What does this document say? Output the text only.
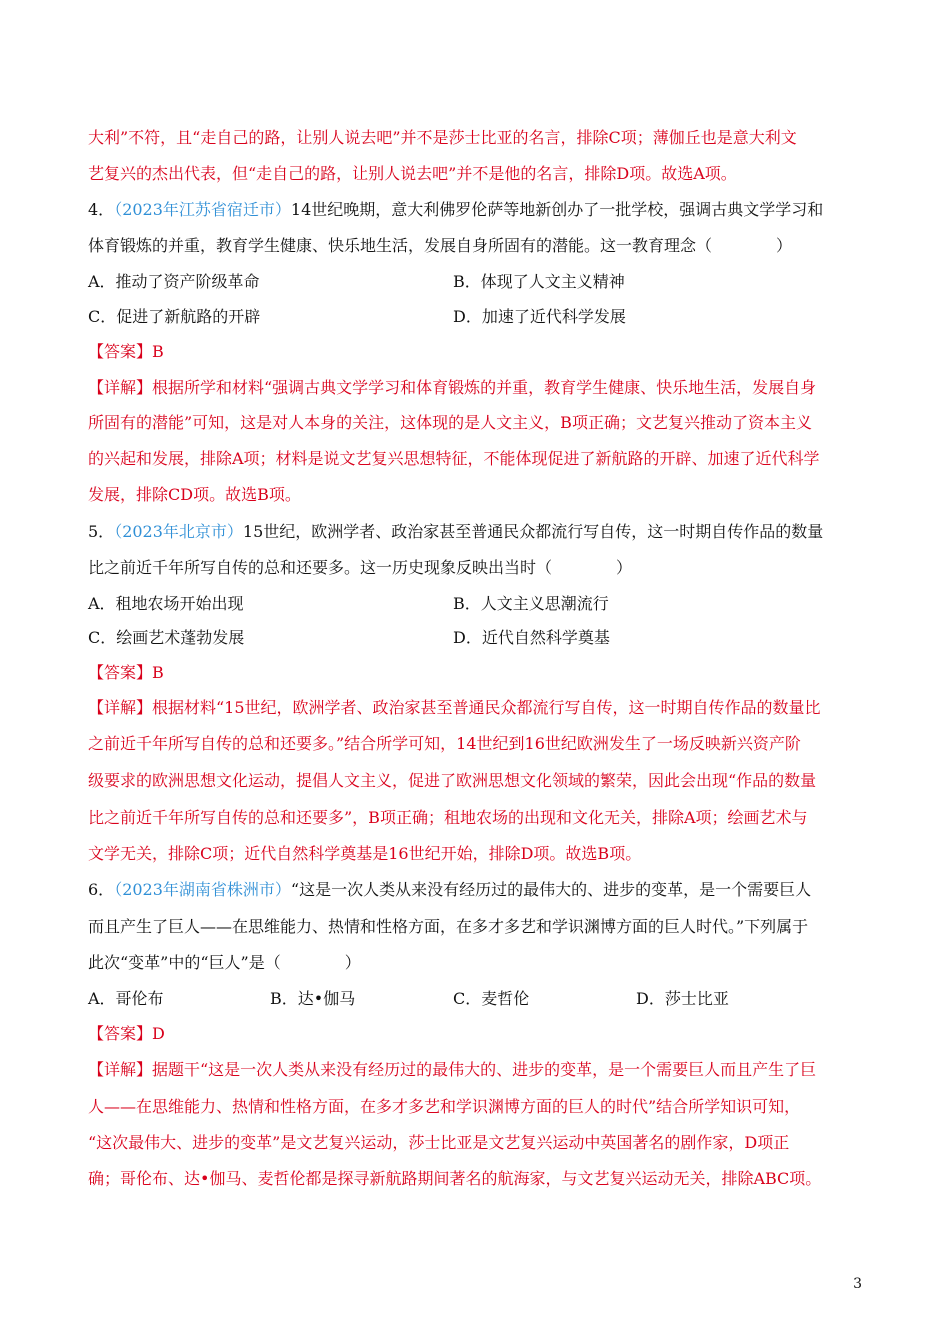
大利”不符，且“走自己的路，让别人说去吧”并不是莎士比亚的名言，排除C项；薄伽丘也是意大利文
艺复兴的杰出代表，但“走自己的路，让别人说去吧”并不是他的名言，排除D项。故选A项。
4．（2023年江苏省宿迁市）14世纪晚期，意大利佛罗伦萨等地新创办了一批学校，强调古典文学学习和
体育锻炼的并重，教育学生健康、快乐地生活，发展自身所固有的潜能。这一教育理念（　　　　）
A．推动了资产阶级革命	B．体现了人文主义精神
C．促进了新航路的开辟	D．加速了近代科学发展
【答案】B
【详解】根据所学和材料“强调古典文学学习和体育锻炼的并重，教育学生健康、快乐地生活，发展自身
所固有的潜能”可知，这是对人本身的关注，这体现的是人文主义，B项正确；文艺复兴推动了资本主义
的兴起和发展，排除A项；材料是说文艺复兴思想特征，不能体现促进了新航路的开辟、加速了近代科学
发展，排除CD项。故选B项。
5．（2023年北京市）15世纪，欧洲学者、政治家甚至普通民众都流行写自传，这一时期自传作品的数量
比之前近千年所写自传的总和还要多。这一历史现象反映出当时（　　　　）
A．租地农场开始出现	B．人文主义思潮流行
C．绘画艺术蓬勃发展	D．近代自然科学奠基
【答案】B
【详解】根据材料“15世纪，欧洲学者、政治家甚至普通民众都流行写自传，这一时期自传作品的数量比
之前近千年所写自传的总和还要多。”结合所学可知，14世纪到16世纪欧洲发生了一场反映新兴资产阶
级要求的欧洲思想文化运动，提倡人文主义，促进了欧洲思想文化领域的繁荣，因此会出现“作品的数量
比之前近千年所写自传的总和还要多”，B项正确；租地农场的出现和文化无关，排除A项；绘画艺术与
文学无关，排除C项；近代自然科学奠基是16世纪开始，排除D项。故选B项。
6．（2023年湖南省株洲市）“这是一次人类从来没有经历过的最伟大的、进步的变革，是一个需要巨人
而且产生了巨人——在思维能力、热情和性格方面，在多才多艺和学识渊博方面的巨人时代。”下列属于
此次“变革”中的“巨人”是（　　　　）
A．哥伦布	B．达•伽马	C．麦哲伦	D．莎士比亚
【答案】D
【详解】据题干“这是一次人类从来没有经历过的最伟大的、进步的变革，是一个需要巨人而且产生了巨
人——在思维能力、热情和性格方面，在多才多艺和学识渊博方面的巨人的时代”结合所学知识可知，
“这次最伟大、进步的变革”是文艺复兴运动，莎士比亚是文艺复兴运动中英国著名的剧作家，D项正
确；哥伦布、达•伽马、麦哲伦都是探寻新航路期间著名的航海家，与文艺复兴运动无关，排除ABC项。
3
